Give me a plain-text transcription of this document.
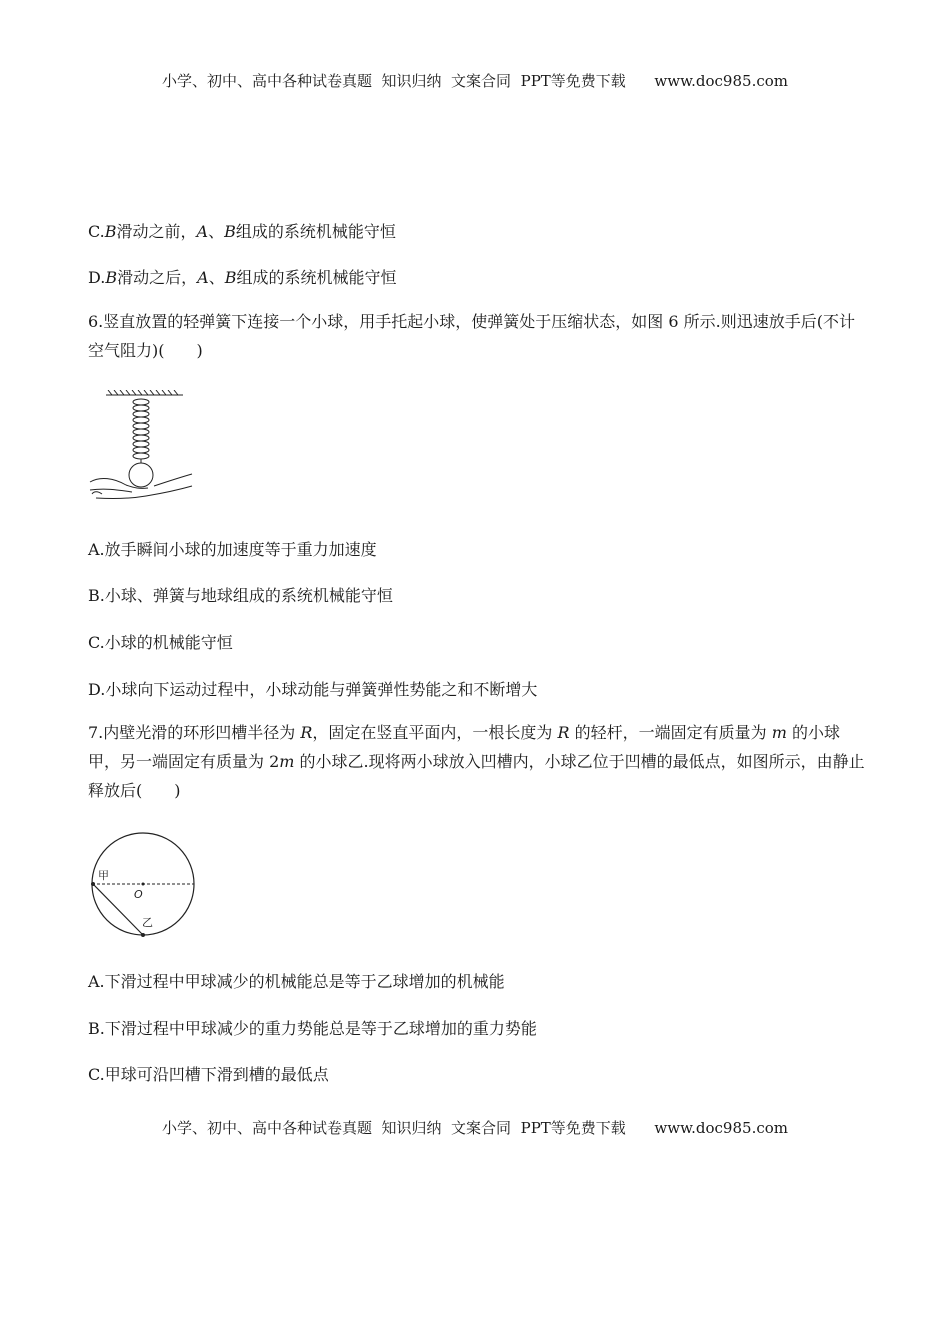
小学、初中、高中各种试卷真题  知识归纳  文案合同  PPT等免费下载      www.doc985.com
C.B滑动之前，A、B组成的系统机械能守恒
D.B滑动之后，A、B组成的系统机械能守恒
6.竖直放置的轻弹簧下连接一个小球，用手托起小球，使弹簧处于压缩状态，如图 6 所示.则迅速放手后(不计空气阻力)(　　)
A.放手瞬间小球的加速度等于重力加速度
B.小球、弹簧与地球组成的系统机械能守恒
C.小球的机械能守恒
D.小球向下运动过程中，小球动能与弹簧弹性势能之和不断增大
7.内壁光滑的环形凹槽半径为 R，固定在竖直平面内，一根长度为 R 的轻杆，一端固定有质量为 m 的小球甲，另一端固定有质量为 2m 的小球乙.现将两小球放入凹槽内，小球乙位于凹槽的最低点，如图所示，由静止释放后(　　)
甲
O
乙
A.下滑过程中甲球减少的机械能总是等于乙球增加的机械能
B.下滑过程中甲球减少的重力势能总是等于乙球增加的重力势能
C.甲球可沿凹槽下滑到槽的最低点
小学、初中、高中各种试卷真题  知识归纳  文案合同  PPT等免费下载      www.doc985.com
